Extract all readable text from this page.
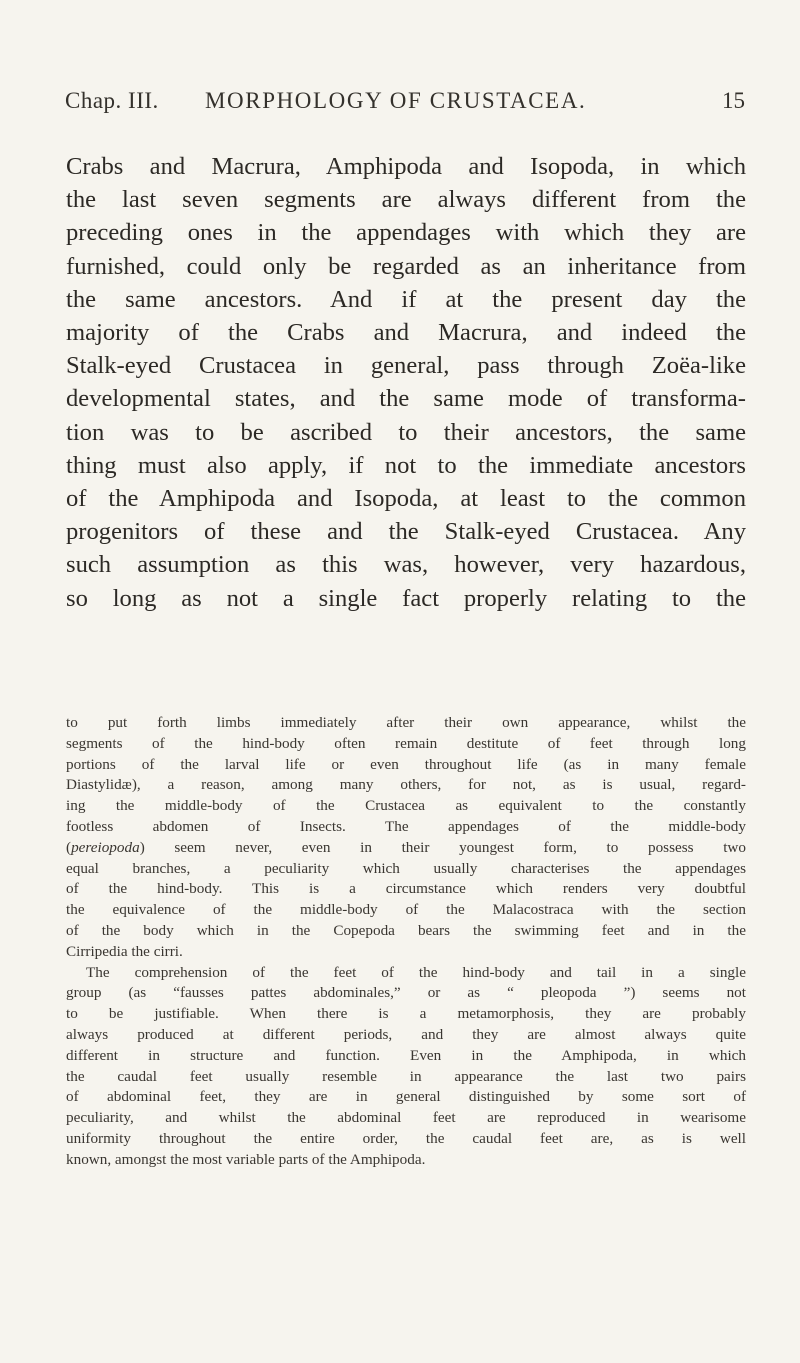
Chap. III. MORPHOLOGY OF CRUSTACEA.	15
Crabs and Macrura, Amphipoda and Isopoda, in which
the last seven segments are always different from the
preceding ones in the appendages with which they are
furnished, could only be regarded as an inheritance from
the same ancestors. And if at the present day the
majority of the Crabs and Macrura, and indeed the
Stalk-eyed Crustacea in general, pass through Zoëa-like
developmental states, and the same mode of transforma-
tion was to be ascribed to their ancestors, the same
thing must also apply, if not to the immediate ancestors
of the Amphipoda and Isopoda, at least to the common
progenitors of these and the Stalk-eyed Crustacea. Any
such assumption as this was, however, very hazardous,
so long as not a single fact properly relating to the
to put forth limbs immediately after their own appearance, whilst the
segments of the hind-body often remain destitute of feet through long
portions of the larval life or even throughout life (as in many female
Diastylidæ), a reason, among many others, for not, as is usual, regard-
ing the middle-body of the Crustacea as equivalent to the constantly
footless abdomen of Insects. The appendages of the middle-body
(pereiopoda) seem never, even in their youngest form, to possess two
equal branches, a peculiarity which usually characterises the appendages
of the hind-body. This is a circumstance which renders very doubtful
the equivalence of the middle-body of the Malacostraca with the section
of the body which in the Copepoda bears the swimming feet and in the
Cirripedia the cirri.
The comprehension of the feet of the hind-body and tail in a single
group (as “fausses pattes abdominales,” or as “ pleopoda ”) seems not
to be justifiable. When there is a metamorphosis, they are probably
always produced at different periods, and they are almost always quite
different in structure and function. Even in the Amphipoda, in which
the caudal feet usually resemble in appearance the last two pairs
of abdominal feet, they are in general distinguished by some sort of
peculiarity, and whilst the abdominal feet are reproduced in wearisome
uniformity throughout the entire order, the caudal feet are, as is well
known, amongst the most variable parts of the Amphipoda.
